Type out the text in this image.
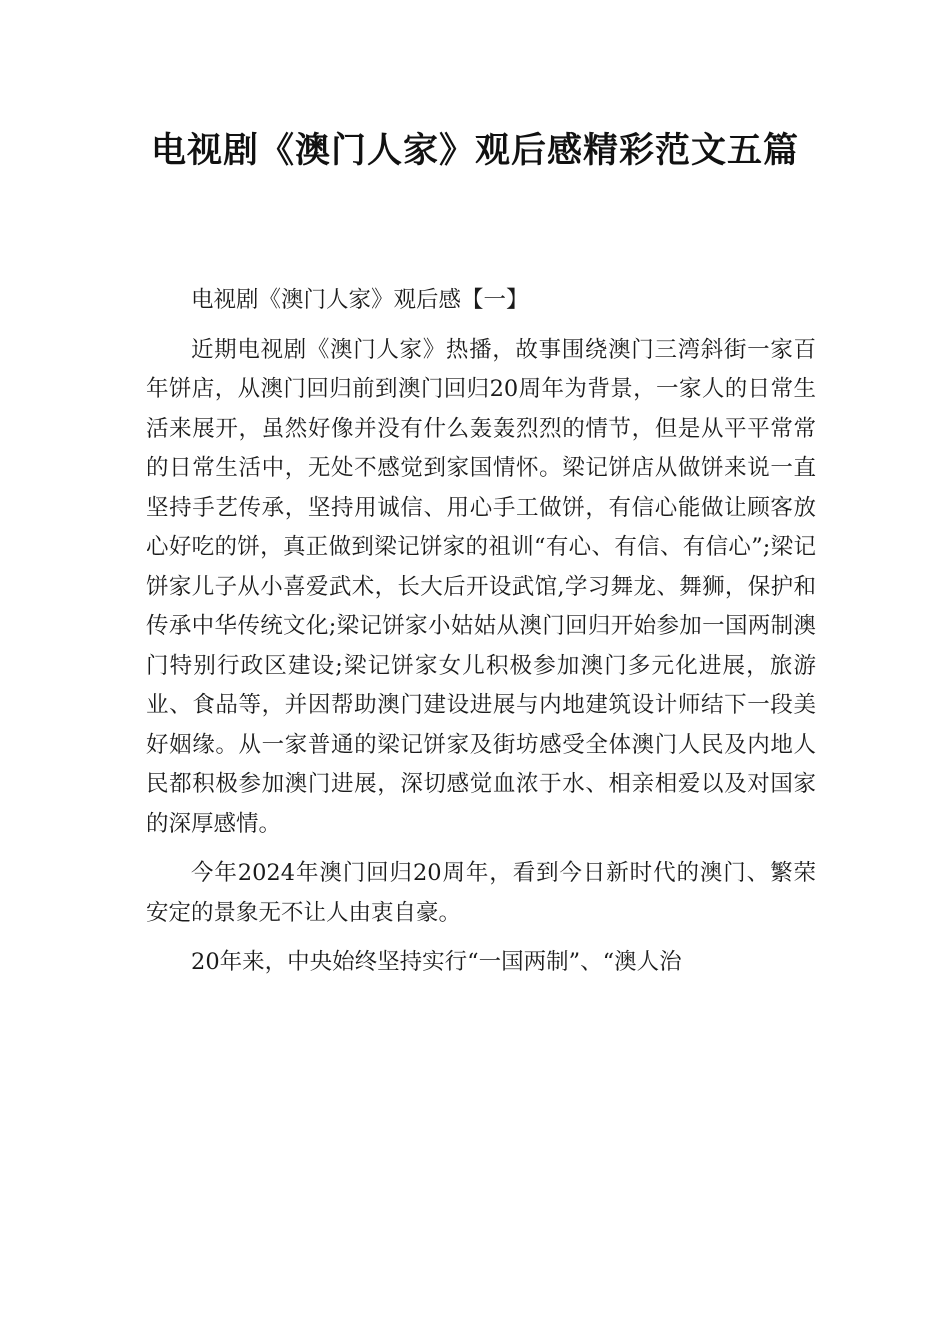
电视剧《澳门人家》观后感精彩范文五篇

电视剧《澳门人家》观后感【一】

近期电视剧《澳门人家》热播，故事围绕澳门三湾斜街一家百年饼店，从澳门回归前到澳门回归20周年为背景，一家人的日常生活来展开，虽然好像并没有什么轰轰烈烈的情节，但是从平平常常的日常生活中，无处不感觉到家国情怀。梁记饼店从做饼来说一直坚持手艺传承，坚持用诚信、用心手工做饼，有信心能做让顾客放心好吃的饼，真正做到梁记饼家的祖训“有心、有信、有信心”;梁记饼家儿子从小喜爱武术，长大后开设武馆,学习舞龙、舞狮，保护和传承中华传统文化;梁记饼家小姑姑从澳门回归开始参加一国两制澳门特别行政区建设;梁记饼家女儿积极参加澳门多元化进展，旅游业、食品等，并因帮助澳门建设进展与内地建筑设计师结下一段美好姻缘。从一家普通的梁记饼家及街坊感受全体澳门人民及内地人民都积极参加澳门进展，深切感觉血浓于水、相亲相爱以及对国家的深厚感情。

今年2024年澳门回归20周年，看到今日新时代的澳门、繁荣安定的景象无不让人由衷自豪。

20年来，中央始终坚持实行“一国两制”、“澳人治
